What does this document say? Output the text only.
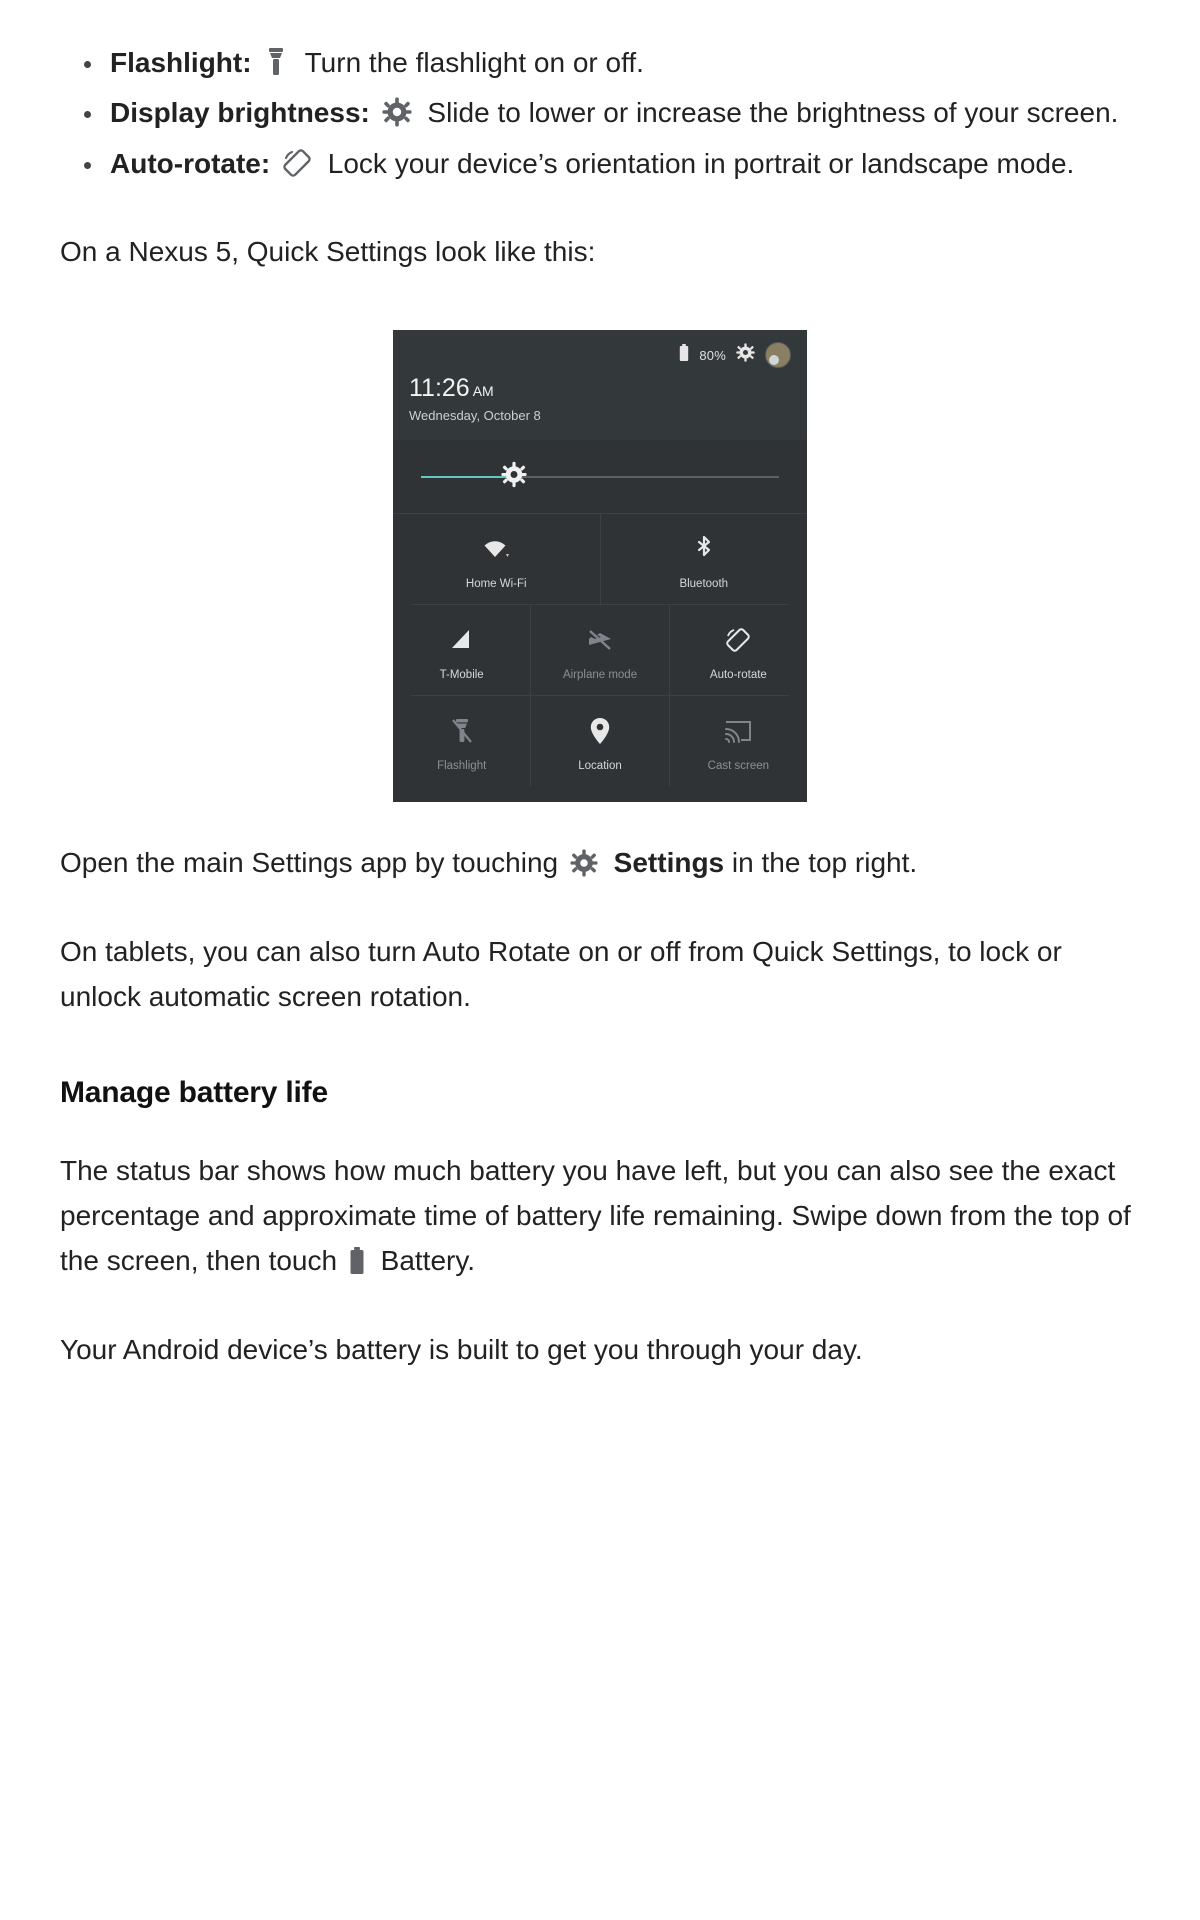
Flashlight: Turn the flashlight on or off.
Display brightness: Slide to lower or increase the brightness of your screen.
Auto-rotate: Lock your device’s orientation in portrait or landscape mode.

On a Nexus 5, Quick Settings look like this:

80%
11:26 AM
Wednesday, October 8
Home Wi-Fi	Bluetooth
T-Mobile	Airplane mode	Auto-rotate
Flashlight	Location	Cast screen

Open the main Settings app by touching Settings in the top right.

On tablets, you can also turn Auto Rotate on or off from Quick Settings, to lock or unlock automatic screen rotation.

Manage battery life

The status bar shows how much battery you have left, but you can also see the exact percentage and approximate time of battery life remaining. Swipe down from the top of the screen, then touch Battery.

Your Android device’s battery is built to get you through your day.
